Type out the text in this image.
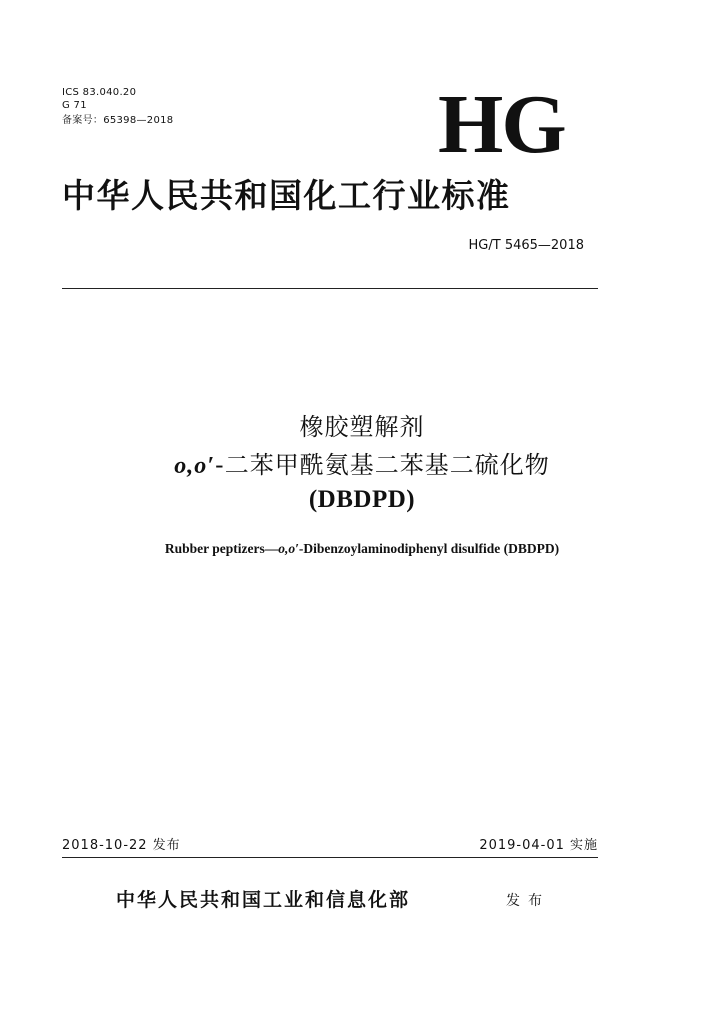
ICS 83.040.20
G 71
备案号：65398—2018	HG
中华人民共和国化工行业标准
HG/T 5465—2018
橡胶塑解剂
o,o′-二苯甲酰氨基二苯基二硫化物
(DBDPD)
Rubber peptizers—o,o′-Dibenzoylaminodiphenyl disulfide (DBDPD)
2018-10-22 发布	2019-04-01 实施
中华人民共和国工业和信息化部	发布
